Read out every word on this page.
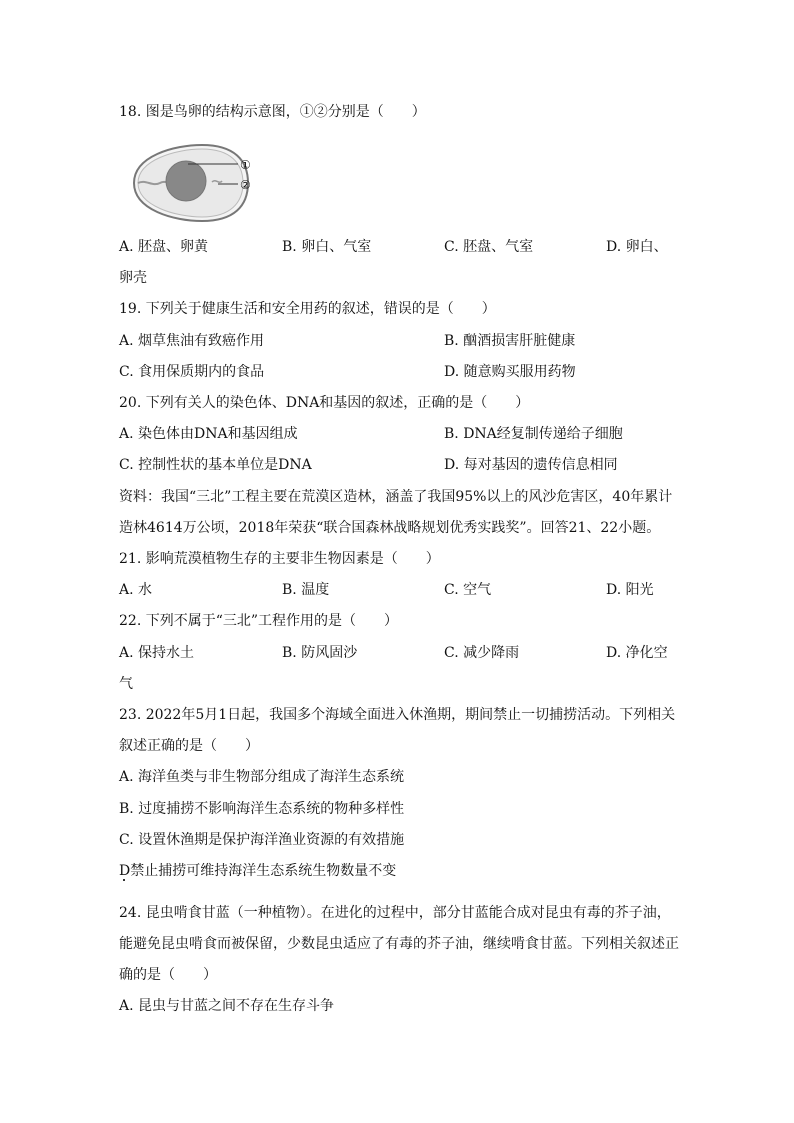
18. 图是鸟卵的结构示意图，①②分别是（　　）
①
②
A. 胚盘、卵黄	B. 卵白、气室	C. 胚盘、气室	D. 卵白、
卵壳
19. 下列关于健康生活和安全用药的叙述，错误的是（　　）
A. 烟草焦油有致癌作用	B. 酗酒损害肝脏健康
C. 食用保质期内的食品	D. 随意购买服用药物
20. 下列有关人的染色体、DNA和基因的叙述，正确的是（　　）
A. 染色体由DNA和基因组成	B. DNA经复制传递给子细胞
C. 控制性状的基本单位是DNA	D. 每对基因的遗传信息相同
资料：我国“三北”工程主要在荒漠区造林，涵盖了我国95%以上的风沙危害区，40年累计
造林4614万公顷，2018年荣获“联合国森林战略规划优秀实践奖”。回答21、22小题。
21. 影响荒漠植物生存的主要非生物因素是（　　）
A. 水	B. 温度	C. 空气	D. 阳光
22. 下列不属于“三北”工程作用的是（　　）
A. 保持水土	B. 防风固沙	C. 减少降雨	D. 净化空
气
23. 2022年5月1日起，我国多个海域全面进入休渔期，期间禁止一切捕捞活动。下列相关
叙述正确的是（　　）
A. 海洋鱼类与非生物部分组成了海洋生态系统
B. 过度捕捞不影响海洋生态系统的物种多样性
C. 设置休渔期是保护海洋渔业资源的有效措施
D禁止捕捞可维持海洋生态系统生物数量不变
24. 昆虫啃食甘蓝（一种植物）。在进化的过程中，部分甘蓝能合成对昆虫有毒的芥子油，
能避免昆虫啃食而被保留，少数昆虫适应了有毒的芥子油，继续啃食甘蓝。下列相关叙述正
确的是（　　）
A. 昆虫与甘蓝之间不存在生存斗争
